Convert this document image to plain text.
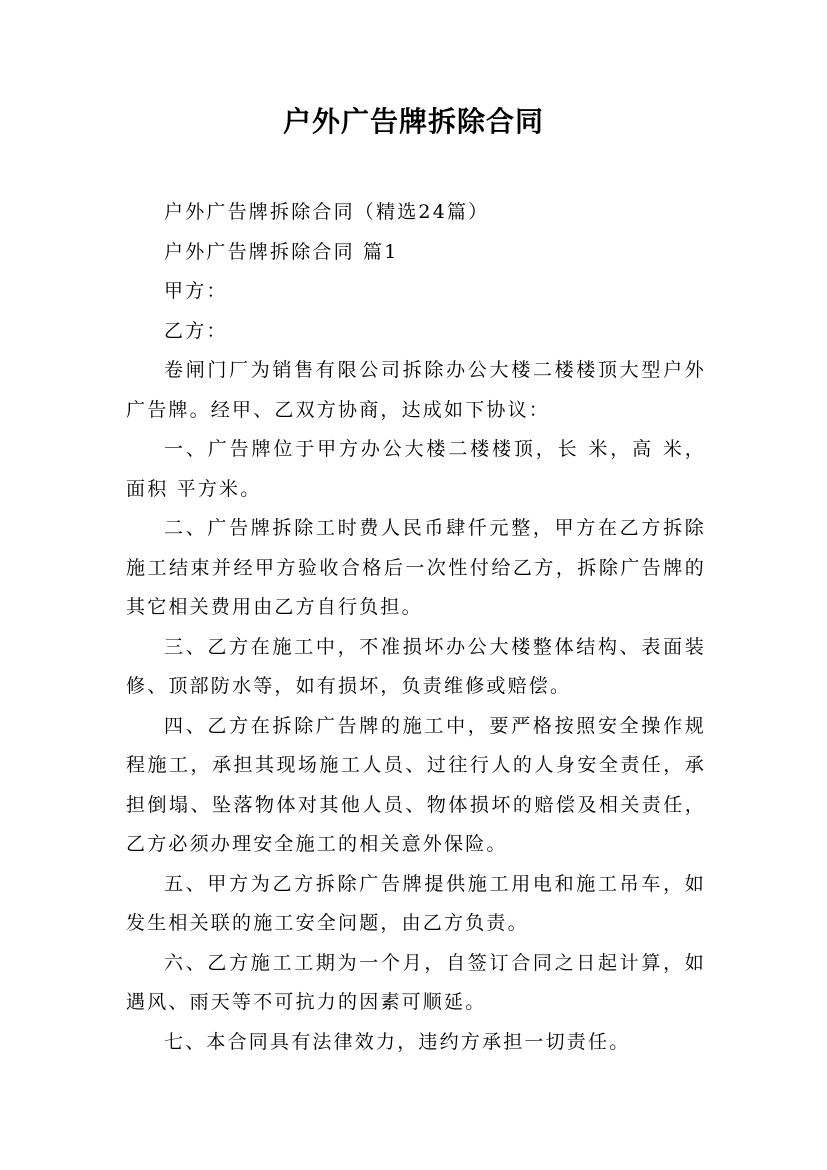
户外广告牌拆除合同

户外广告牌拆除合同（精选24篇）

户外广告牌拆除合同 篇1

甲方：

乙方：

卷闸门厂为销售有限公司拆除办公大楼二楼楼顶大型户外广告牌。经甲、乙双方协商，达成如下协议：

一、广告牌位于甲方办公大楼二楼楼顶，长 米，高 米，面积 平方米。

二、广告牌拆除工时费人民币肆仟元整，甲方在乙方拆除施工结束并经甲方验收合格后一次性付给乙方，拆除广告牌的其它相关费用由乙方自行负担。

三、乙方在施工中，不准损坏办公大楼整体结构、表面装修、顶部防水等，如有损坏，负责维修或赔偿。

四、乙方在拆除广告牌的施工中，要严格按照安全操作规程施工，承担其现场施工人员、过往行人的人身安全责任，承担倒塌、坠落物体对其他人员、物体损坏的赔偿及相关责任，乙方必须办理安全施工的相关意外保险。

五、甲方为乙方拆除广告牌提供施工用电和施工吊车，如发生相关联的施工安全问题，由乙方负责。

六、乙方施工工期为一个月，自签订合同之日起计算，如遇风、雨天等不可抗力的因素可顺延。

七、本合同具有法律效力，违约方承担一切责任。
